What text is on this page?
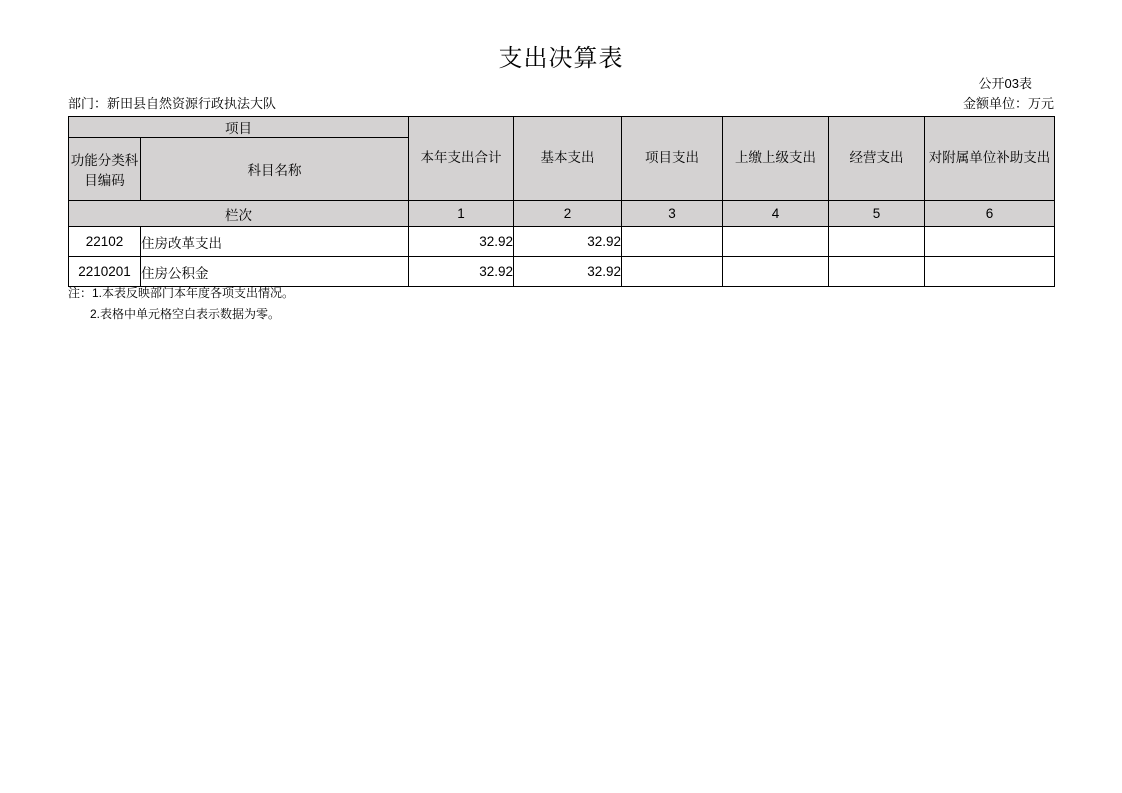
支出决算表
公开03表
部门：新田县自然资源行政执法大队	金额单位：万元
项目		本年支出合计	基本支出	项目支出	上缴上级支出	经营支出	对附属单位补助支出
功能分类科目编码	科目名称						
栏次		1	2	3	4	5	6
22102	住房改革支出	32.92	32.92				
2210201	住房公积金	32.92	32.92				
注：1.本表反映部门本年度各项支出情况。
2.表格中单元格空白表示数据为零。
